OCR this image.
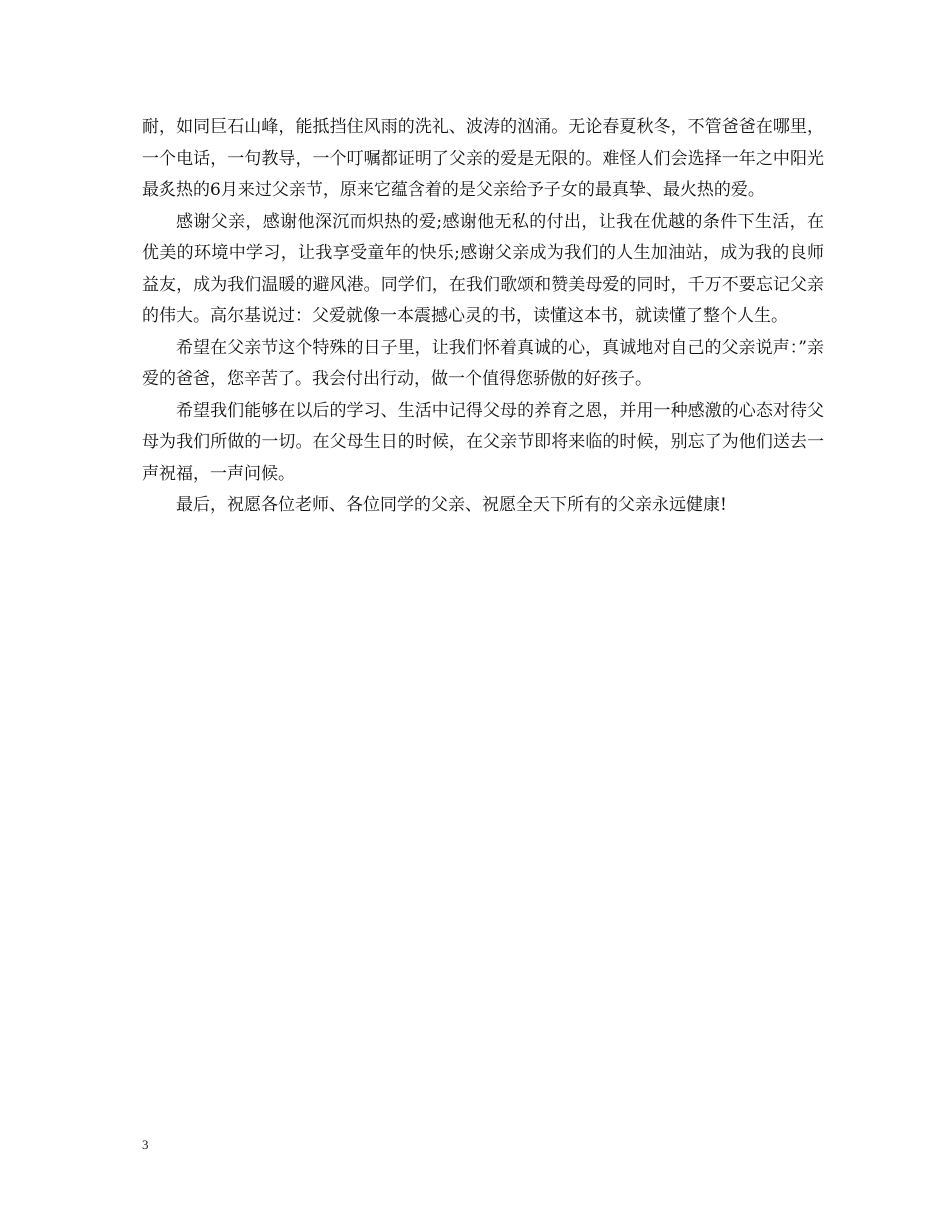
耐，如同巨石山峰，能抵挡住风雨的洗礼、波涛的汹涌。无论春夏秋冬，不管爸爸在哪里，一个电话，一句教导，一个叮嘱都证明了父亲的爱是无限的。难怪人们会选择一年之中阳光最炙热的6月来过父亲节，原来它蕴含着的是父亲给予子女的最真挚、最火热的爱。

感谢父亲，感谢他深沉而炽热的爱;感谢他无私的付出，让我在优越的条件下生活，在优美的环境中学习，让我享受童年的快乐;感谢父亲成为我们的人生加油站，成为我的良师益友，成为我们温暖的避风港。同学们，在我们歌颂和赞美母爱的同时，千万不要忘记父亲的伟大。高尔基说过：父爱就像一本震撼心灵的书，读懂这本书，就读懂了整个人生。

希望在父亲节这个特殊的日子里，让我们怀着真诚的心，真诚地对自己的父亲说声：”亲爱的爸爸，您辛苦了。我会付出行动，做一个值得您骄傲的好孩子。

希望我们能够在以后的学习、生活中记得父母的养育之恩，并用一种感激的心态对待父母为我们所做的一切。在父母生日的时候，在父亲节即将来临的时候，别忘了为他们送去一声祝福，一声问候。

最后，祝愿各位老师、各位同学的父亲、祝愿全天下所有的父亲永远健康!

3
